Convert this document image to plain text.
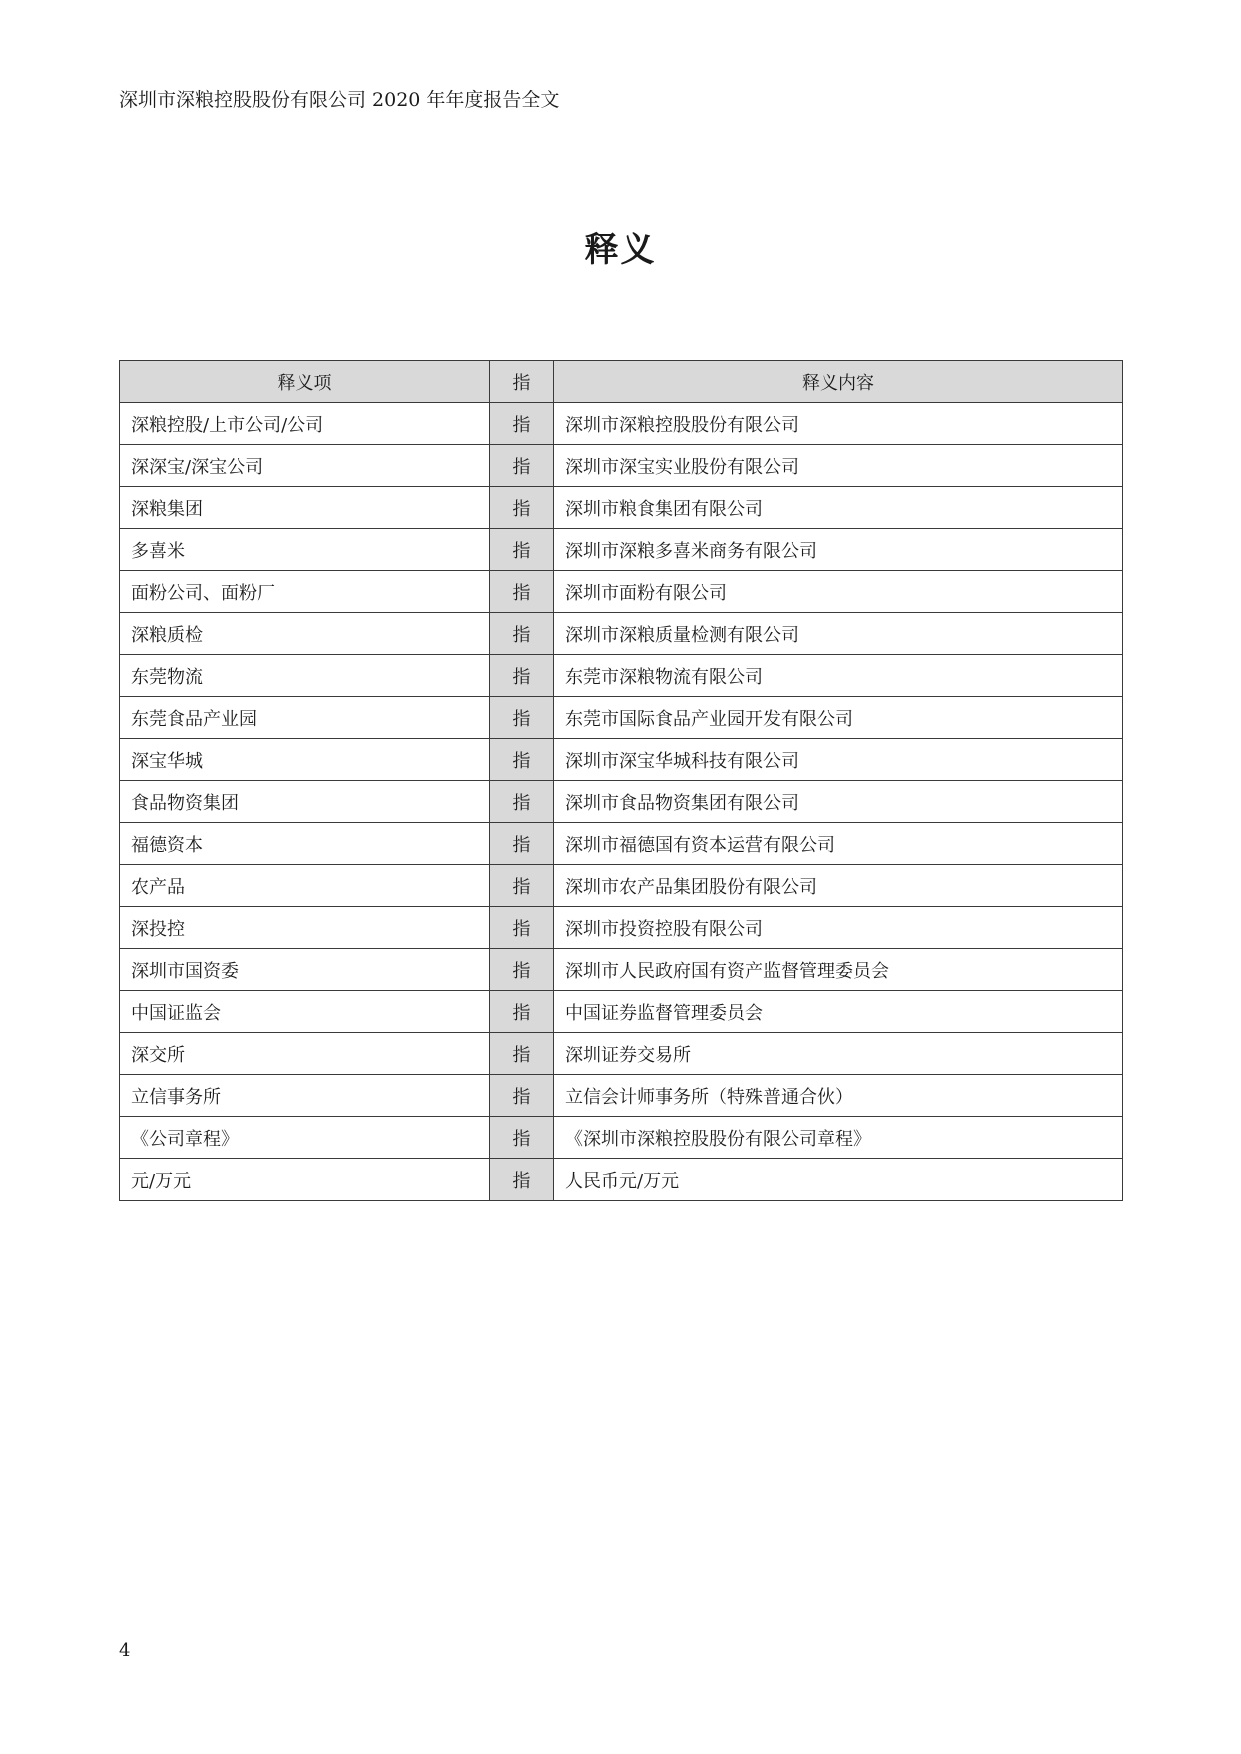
深圳市深粮控股股份有限公司 2020 年年度报告全文
释义
释义项	指	释义内容
深粮控股/上市公司/公司	指	深圳市深粮控股股份有限公司
深深宝/深宝公司	指	深圳市深宝实业股份有限公司
深粮集团	指	深圳市粮食集团有限公司
多喜米	指	深圳市深粮多喜米商务有限公司
面粉公司、面粉厂	指	深圳市面粉有限公司
深粮质检	指	深圳市深粮质量检测有限公司
东莞物流	指	东莞市深粮物流有限公司
东莞食品产业园	指	东莞市国际食品产业园开发有限公司
深宝华城	指	深圳市深宝华城科技有限公司
食品物资集团	指	深圳市食品物资集团有限公司
福德资本	指	深圳市福德国有资本运营有限公司
农产品	指	深圳市农产品集团股份有限公司
深投控	指	深圳市投资控股有限公司
深圳市国资委	指	深圳市人民政府国有资产监督管理委员会
中国证监会	指	中国证券监督管理委员会
深交所	指	深圳证券交易所
立信事务所	指	立信会计师事务所（特殊普通合伙）
《公司章程》	指	《深圳市深粮控股股份有限公司章程》
元/万元	指	人民币元/万元
4
